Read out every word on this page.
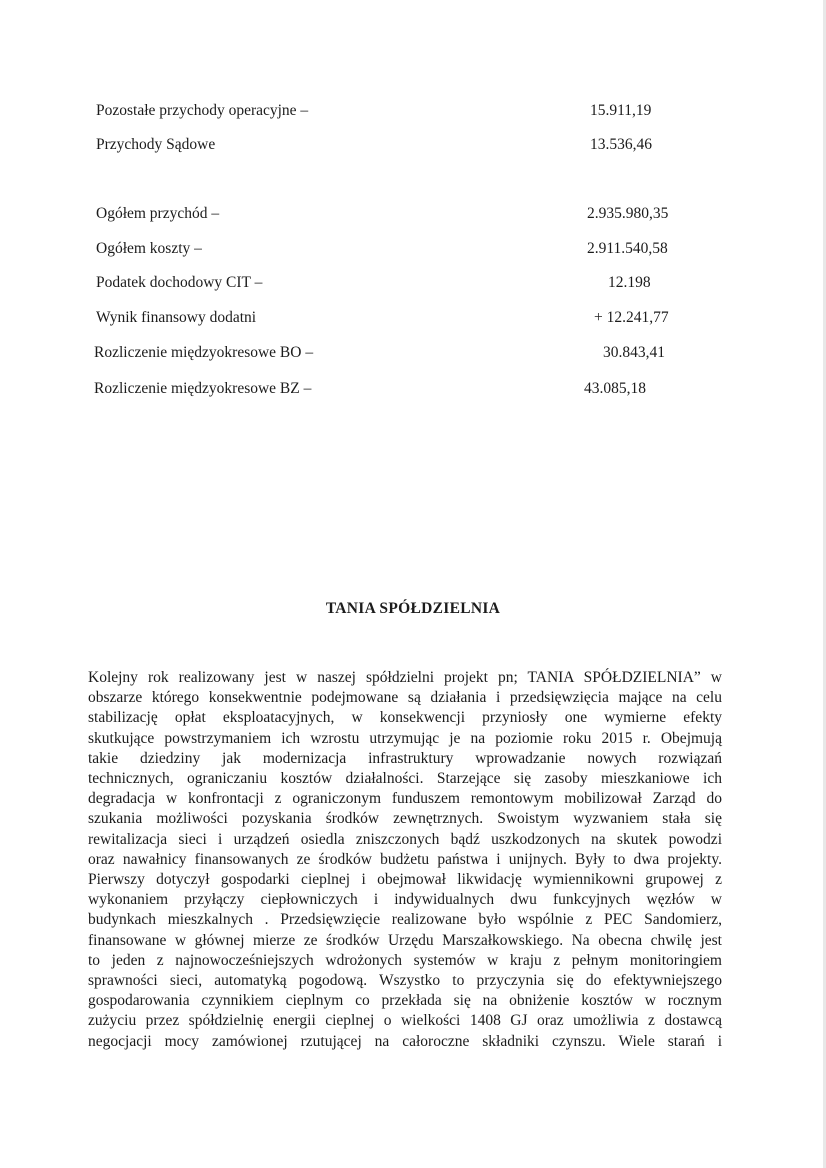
Pozostałe przychody operacyjne –	15.911,19
Przychody Sądowe	13.536,46
Ogółem przychód –	2.935.980,35
Ogółem koszty –	2.911.540,58
Podatek dochodowy CIT –	12.198
Wynik finansowy dodatni	+ 12.241,77
Rozliczenie międzyokresowe BO –	30.843,41
Rozliczenie międzyokresowe BZ –	43.085,18
TANIA SPÓŁDZIELNIA
Kolejny rok realizowany jest w naszej spółdzielni projekt pn; TANIA SPÓŁDZIELNIA” w
obszarze którego konsekwentnie podejmowane są działania i przedsięwzięcia mające na celu
stabilizację opłat eksploatacyjnych, w konsekwencji przyniosły one wymierne efekty
skutkujące powstrzymaniem ich wzrostu utrzymując je na poziomie roku 2015 r. Obejmują
takie dziedziny jak modernizacja infrastruktury wprowadzanie nowych rozwiązań
technicznych, ograniczaniu kosztów działalności. Starzejące się zasoby mieszkaniowe ich
degradacja w konfrontacji z ograniczonym funduszem remontowym mobilizował Zarząd do
szukania możliwości pozyskania środków zewnętrznych. Swoistym wyzwaniem stała się
rewitalizacja sieci i urządzeń osiedla zniszczonych bądź uszkodzonych na skutek powodzi
oraz nawałnicy finansowanych ze środków budżetu państwa i unijnych. Były to dwa projekty.
Pierwszy dotyczył gospodarki cieplnej i obejmował likwidację wymiennikowni grupowej z
wykonaniem przyłączy ciepłowniczych i indywidualnych dwu funkcyjnych węzłów w
budynkach mieszkalnych . Przedsięwzięcie realizowane było wspólnie z PEC Sandomierz,
finansowane w głównej mierze ze środków Urzędu Marszałkowskiego. Na obecna chwilę jest
to jeden z najnowocześniejszych wdrożonych systemów w kraju z pełnym monitoringiem
sprawności sieci, automatyką pogodową. Wszystko to przyczynia się do efektywniejszego
gospodarowania czynnikiem cieplnym co przekłada się na obniżenie kosztów w rocznym
zużyciu przez spółdzielnię energii cieplnej o wielkości 1408 GJ oraz umożliwia z dostawcą
negocjacji mocy zamówionej rzutującej na całoroczne składniki czynszu. Wiele starań i
